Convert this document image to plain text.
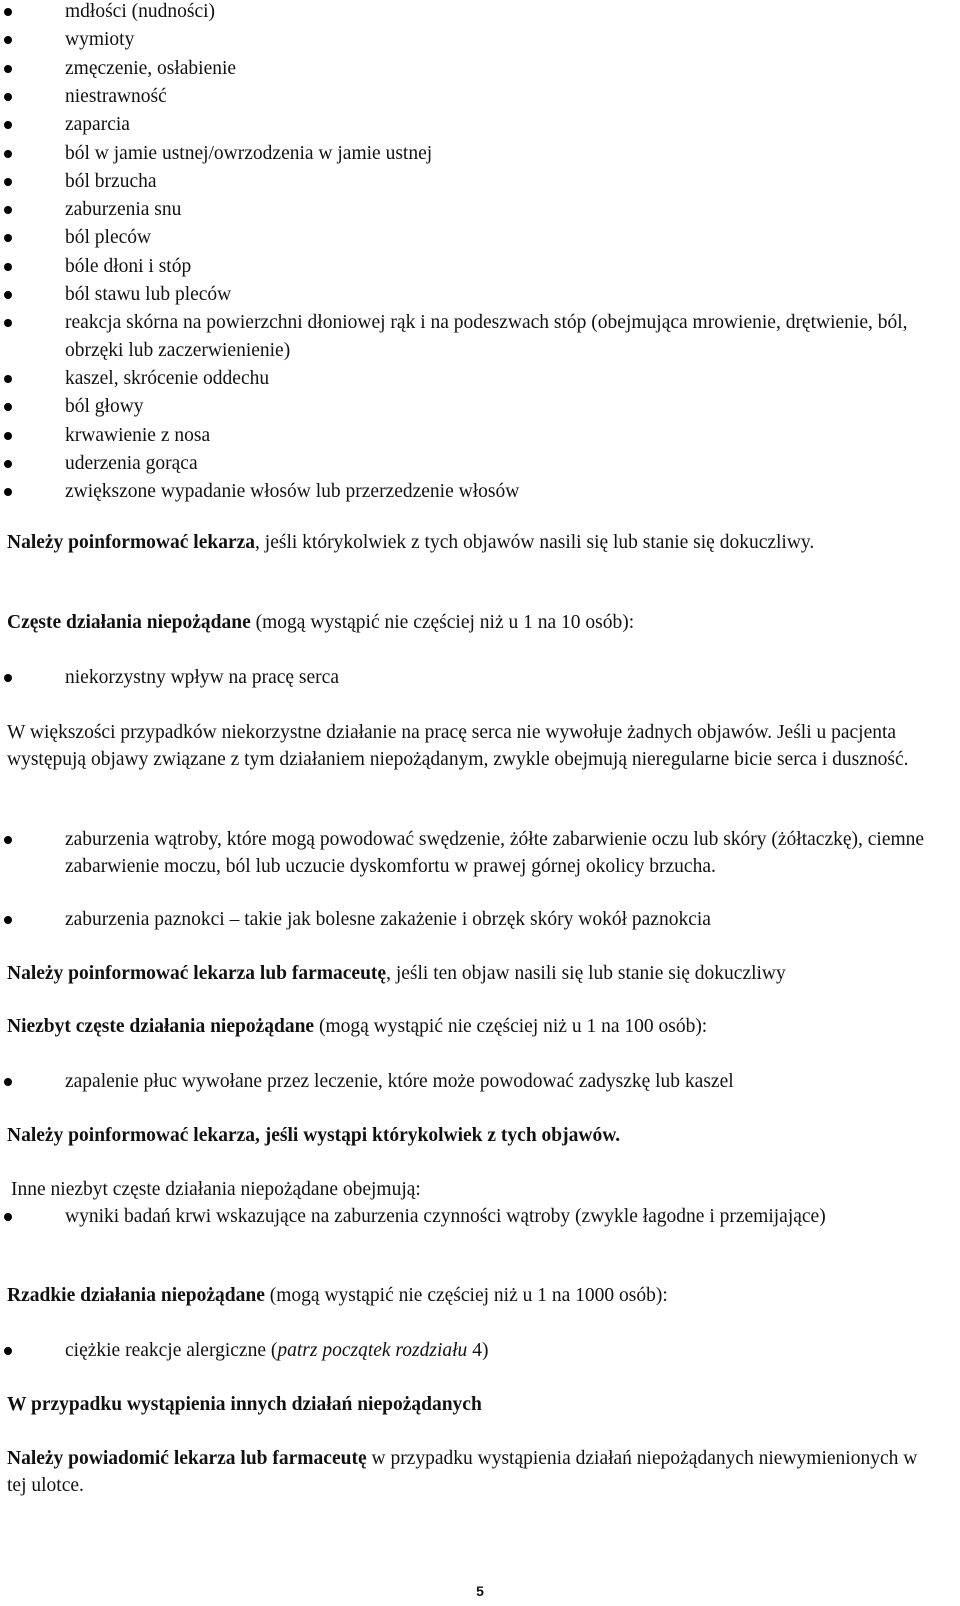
mdłości (nudności)
wymioty
zmęczenie, osłabienie
niestrawność
zaparcia
ból w jamie ustnej/owrzodzenia w jamie ustnej
ból brzucha
zaburzenia snu
ból pleców
bóle dłoni i stóp
ból stawu lub pleców
reakcja skórna na powierzchni dłoniowej rąk i na podeszwach stóp (obejmująca mrowienie, drętwienie, ból, obrzęki lub zaczerwienienie)
kaszel, skrócenie oddechu
ból głowy
krwawienie z nosa
uderzenia gorąca
zwiększone wypadanie włosów lub przerzedzenie włosów

Należy poinformować lekarza, jeśli którykolwiek z tych objawów nasili się lub stanie się dokuczliwy.

Częste działania niepożądane (mogą wystąpić nie częściej niż u 1 na 10 osób):

niekorzystny wpływ na pracę serca

W większości przypadków niekorzystne działanie na pracę serca nie wywołuje żadnych objawów. Jeśli u pacjenta występują objawy związane z tym działaniem niepożądanym, zwykle obejmują nieregularne bicie serca i duszność.

zaburzenia wątroby, które mogą powodować swędzenie, żółte zabarwienie oczu lub skóry (żółtaczkę), ciemne zabarwienie moczu, ból lub uczucie dyskomfortu w prawej górnej okolicy brzucha.
zaburzenia paznokci – takie jak bolesne zakażenie i obrzęk skóry wokół paznokcia

Należy poinformować lekarza lub farmaceutę, jeśli ten objaw nasili się lub stanie się dokuczliwy

Niezbyt częste działania niepożądane (mogą wystąpić nie częściej niż u 1 na 100 osób):

zapalenie płuc wywołane przez leczenie, które może powodować zadyszkę lub kaszel

Należy poinformować lekarza, jeśli wystąpi którykolwiek z tych objawów.

Inne niezbyt częste działania niepożądane obejmują:

wyniki badań krwi wskazujące na zaburzenia czynności wątroby (zwykle łagodne i przemijające)

Rzadkie działania niepożądane (mogą wystąpić nie częściej niż u 1 na 1000 osób):

ciężkie reakcje alergiczne (patrz początek rozdziału 4)

W przypadku wystąpienia innych działań niepożądanych

Należy powiadomić lekarza lub farmaceutę w przypadku wystąpienia działań niepożądanych niewymienionych w tej ulotce.

5
